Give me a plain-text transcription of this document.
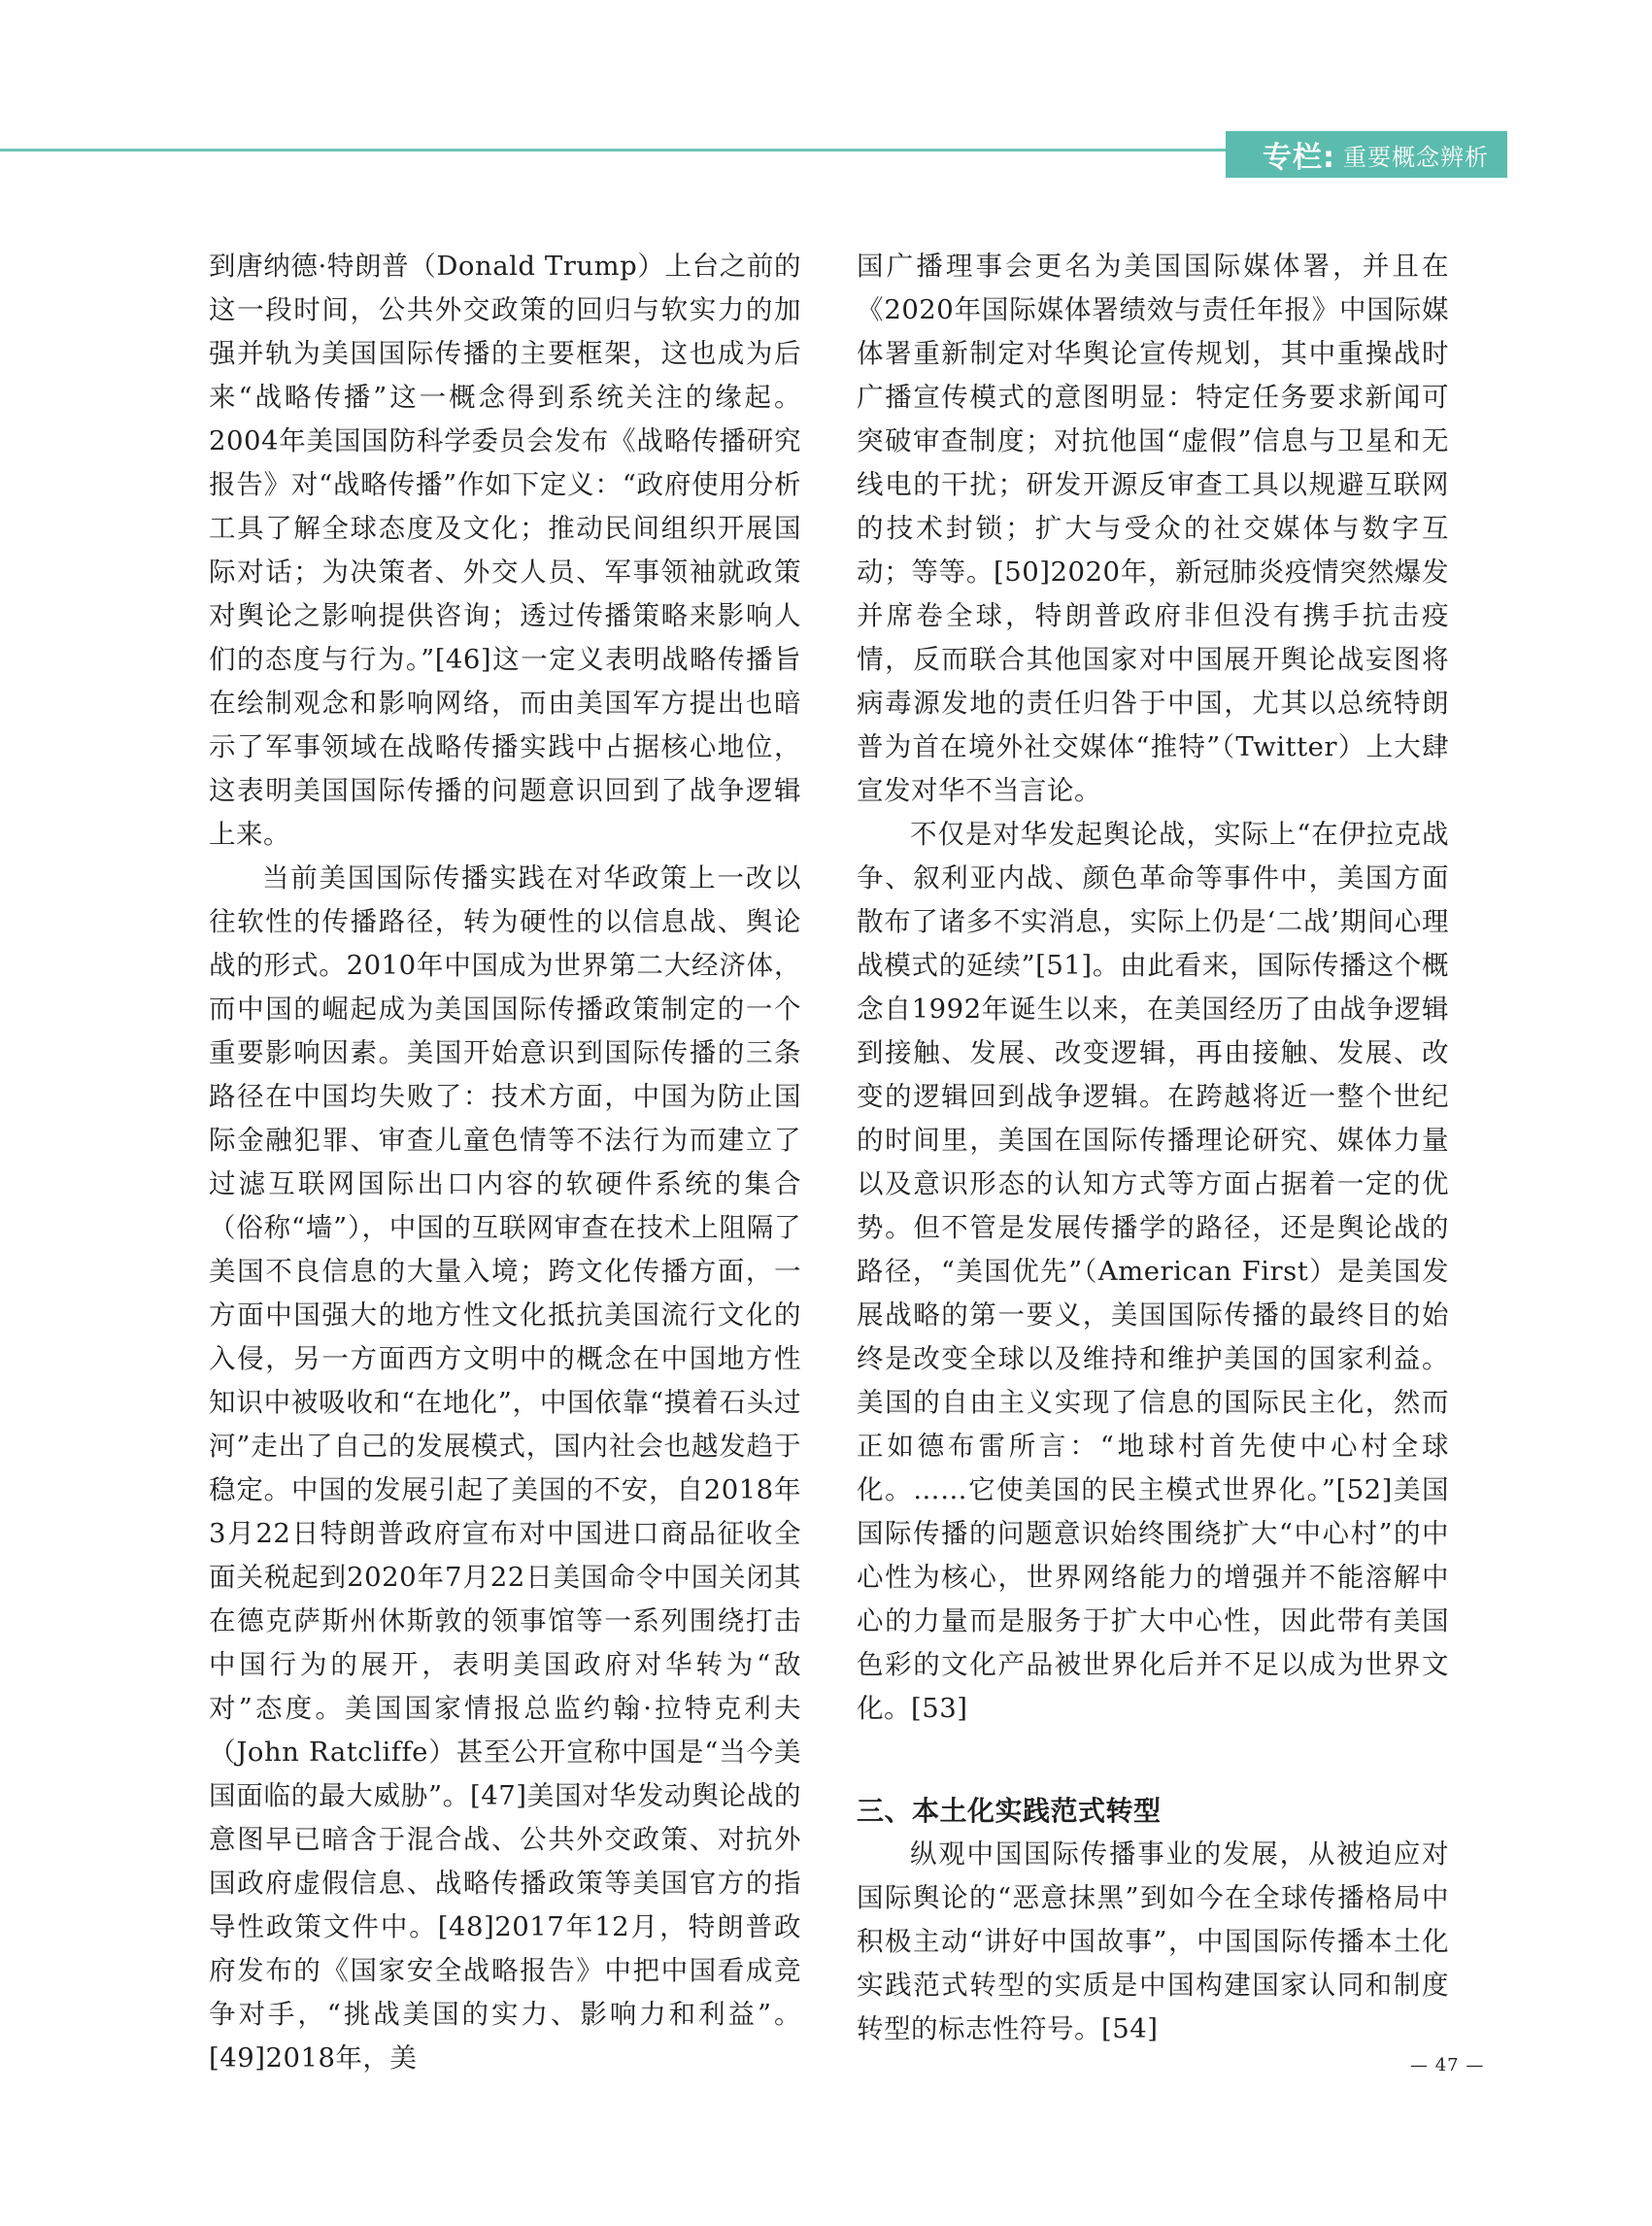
专栏: 重要概念辨析

到唐纳德·特朗普（Donald Trump）上台之前的这一段时间，公共外交政策的回归与软实力的加强并轨为美国国际传播的主要框架，这也成为后来“战略传播”这一概念得到系统关注的缘起。2004年美国国防科学委员会发布《战略传播研究报告》对“战略传播”作如下定义：“政府使用分析工具了解全球态度及文化；推动民间组织开展国际对话；为决策者、外交人员、军事领袖就政策对舆论之影响提供咨询；透过传播策略来影响人们的态度与行为。”[46]这一定义表明战略传播旨在绘制观念和影响网络，而由美国军方提出也暗示了军事领域在战略传播实践中占据核心地位，这表明美国国际传播的问题意识回到了战争逻辑上来。

当前美国国际传播实践在对华政策上一改以往软性的传播路径，转为硬性的以信息战、舆论战的形式。2010年中国成为世界第二大经济体，而中国的崛起成为美国国际传播政策制定的一个重要影响因素。美国开始意识到国际传播的三条路径在中国均失败了：技术方面，中国为防止国际金融犯罪、审查儿童色情等不法行为而建立了过滤互联网国际出口内容的软硬件系统的集合（俗称“墙”），中国的互联网审查在技术上阻隔了美国不良信息的大量入境；跨文化传播方面，一方面中国强大的地方性文化抵抗美国流行文化的入侵，另一方面西方文明中的概念在中国地方性知识中被吸收和“在地化”，中国依靠“摸着石头过河”走出了自己的发展模式，国内社会也越发趋于稳定。中国的发展引起了美国的不安，自2018年3月22日特朗普政府宣布对中国进口商品征收全面关税起到2020年7月22日美国命令中国关闭其在德克萨斯州休斯敦的领事馆等一系列围绕打击中国行为的展开，表明美国政府对华转为“敌对”态度。美国国家情报总监约翰·拉特克利夫（John Ratcliffe）甚至公开宣称中国是“当今美国面临的最大威胁”。[47]美国对华发动舆论战的意图早已暗含于混合战、公共外交政策、对抗外国政府虚假信息、战略传播政策等美国官方的指导性政策文件中。[48]2017年12月，特朗普政府发布的《国家安全战略报告》中把中国看成竞争对手，“挑战美国的实力、影响力和利益”。[49]2018年，美

国广播理事会更名为美国国际媒体署，并且在《2020年国际媒体署绩效与责任年报》中国际媒体署重新制定对华舆论宣传规划，其中重操战时广播宣传模式的意图明显：特定任务要求新闻可突破审查制度；对抗他国“虚假”信息与卫星和无线电的干扰；研发开源反审查工具以规避互联网的技术封锁；扩大与受众的社交媒体与数字互动；等等。[50]2020年，新冠肺炎疫情突然爆发并席卷全球，特朗普政府非但没有携手抗击疫情，反而联合其他国家对中国展开舆论战妄图将病毒源发地的责任归咎于中国，尤其以总统特朗普为首在境外社交媒体“推特”（Twitter）上大肆宣发对华不当言论。

不仅是对华发起舆论战，实际上“在伊拉克战争、叙利亚内战、颜色革命等事件中，美国方面散布了诸多不实消息，实际上仍是‘二战’期间心理战模式的延续”[51]。由此看来，国际传播这个概念自1992年诞生以来，在美国经历了由战争逻辑到接触、发展、改变逻辑，再由接触、发展、改变的逻辑回到战争逻辑。在跨越将近一整个世纪的时间里，美国在国际传播理论研究、媒体力量以及意识形态的认知方式等方面占据着一定的优势。但不管是发展传播学的路径，还是舆论战的路径，“美国优先”（American First）是美国发展战略的第一要义，美国国际传播的最终目的始终是改变全球以及维持和维护美国的国家利益。美国的自由主义实现了信息的国际民主化，然而正如德布雷所言：“地球村首先使中心村全球化。……它使美国的民主模式世界化。”[52]美国国际传播的问题意识始终围绕扩大“中心村”的中心性为核心，世界网络能力的增强并不能溶解中心的力量而是服务于扩大中心性，因此带有美国色彩的文化产品被世界化后并不足以成为世界文化。[53]

三、本土化实践范式转型

纵观中国国际传播事业的发展，从被迫应对国际舆论的“恶意抹黑”到如今在全球传播格局中积极主动“讲好中国故事”，中国国际传播本土化实践范式转型的实质是中国构建国家认同和制度转型的标志性符号。[54]

— 47 —
